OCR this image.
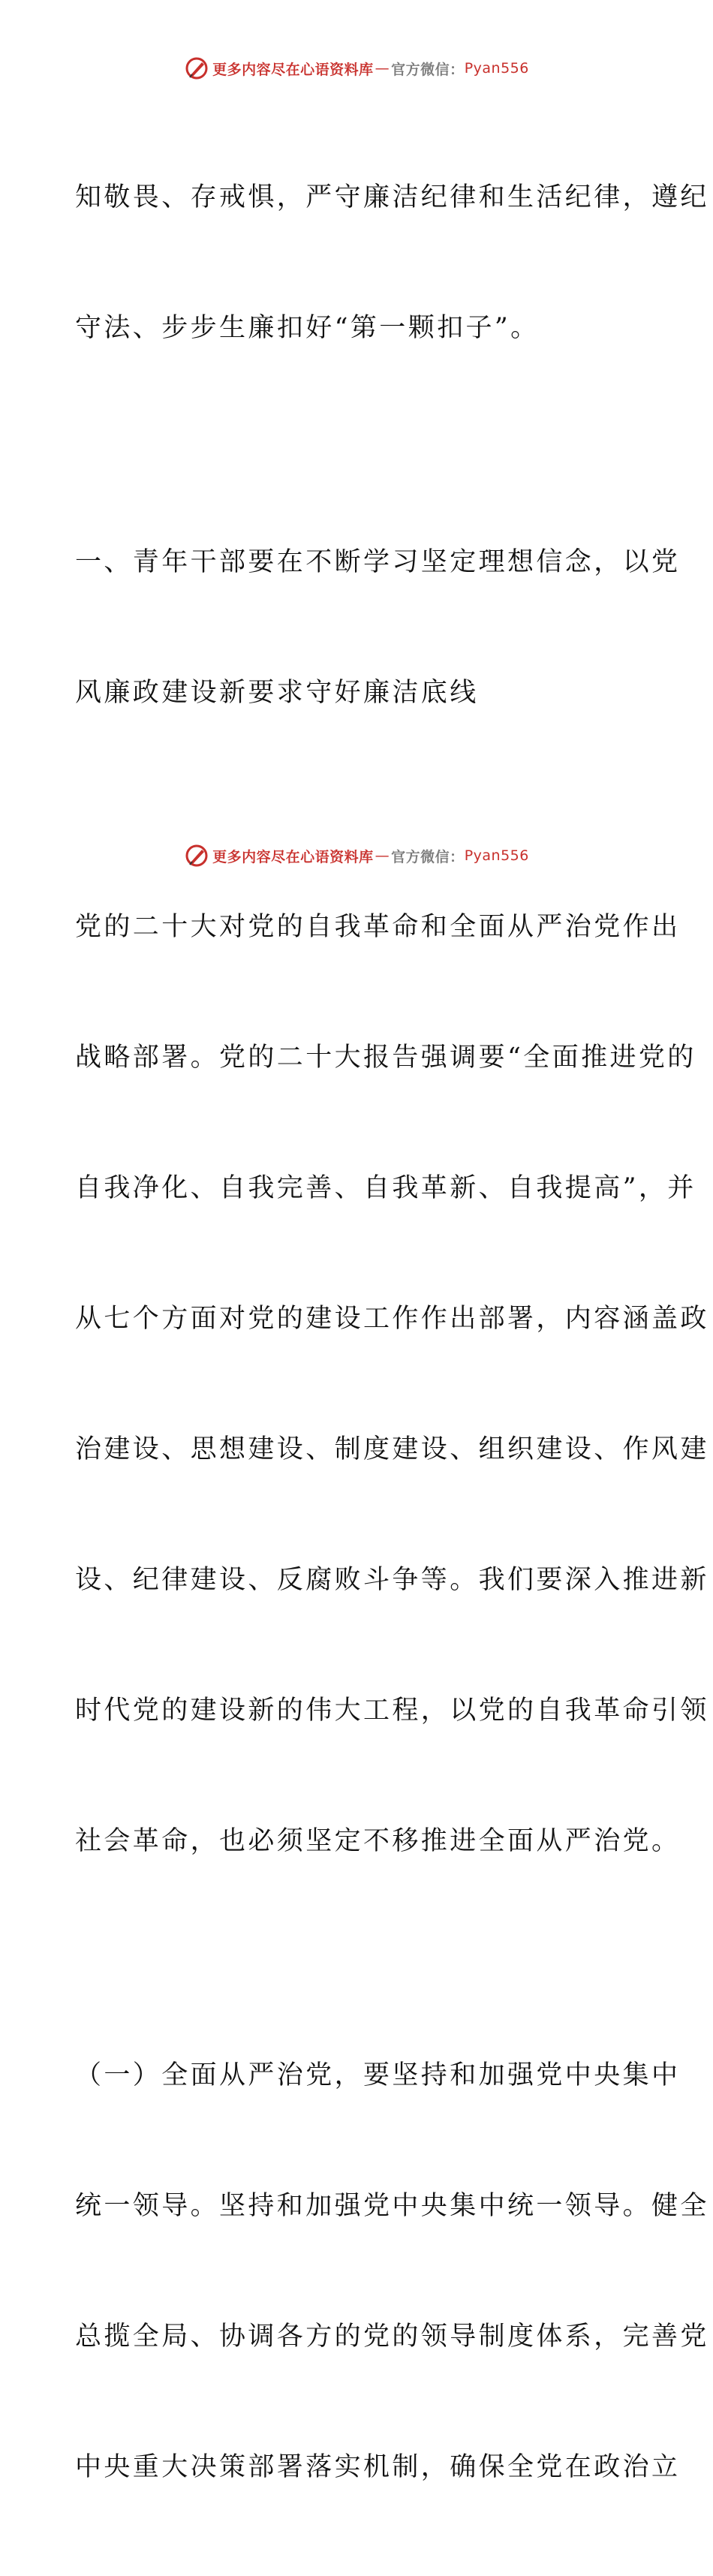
更多内容尽在心语资料库 — 官方微信： Pyan556

知敬畏、存戒惧，严守廉洁纪律和生活纪律，遵纪

守法、步步生廉扣好“第一颗扣子”。

一、青年干部要在不断学习坚定理想信念，以党

风廉政建设新要求守好廉洁底线

党的二十大对党的自我革命和全面从严治党作出

战略部署。党的二十大报告强调要“全面推进党的

自我净化、自我完善、自我革新、自我提高”，并

从七个方面对党的建设工作作出部署，内容涵盖政

治建设、思想建设、制度建设、组织建设、作风建

设、纪律建设、反腐败斗争等。我们要深入推进新

时代党的建设新的伟大工程，以党的自我革命引领

社会革命，也必须坚定不移推进全面从严治党。

（一）全面从严治党，要坚持和加强党中央集中

统一领导。坚持和加强党中央集中统一领导。健全

总揽全局、协调各方的党的领导制度体系，完善党

中央重大决策部署落实机制，确保全党在政治立

更多内容尽在心语资料库 — 官方微信： Pyan556
